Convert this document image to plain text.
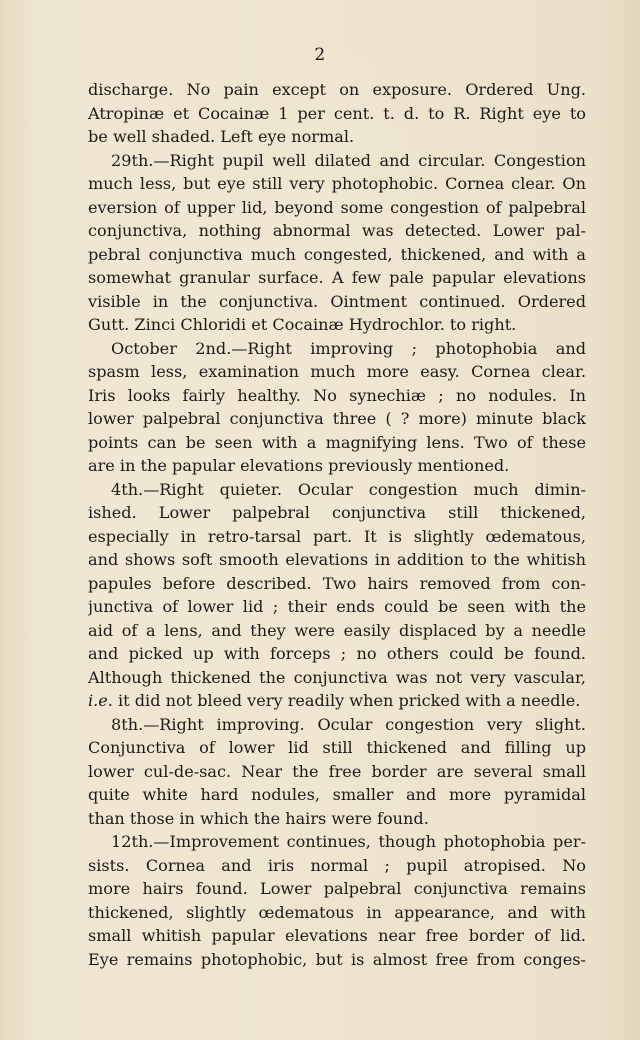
2
discharge. No pain except on exposure. Ordered Ung.
Atropinæ et Cocainæ 1 per cent. t. d. to R. Right eye to
be well shaded. Left eye normal.
29th.—Right pupil well dilated and circular. Congestion
much less, but eye still very photophobic. Cornea clear. On
eversion of upper lid, beyond some congestion of palpebral
conjunctiva, nothing abnormal was detected. Lower pal-
pebral conjunctiva much congested, thickened, and with a
somewhat granular surface. A few pale papular elevations
visible in the conjunctiva. Ointment continued. Ordered
Gutt. Zinci Chloridi et Cocainæ Hydrochlor. to right.
October 2nd.—Right improving ; photophobia and
spasm less, examination much more easy. Cornea clear.
Iris looks fairly healthy. No synechiæ ; no nodules. In
lower palpebral conjunctiva three ( ? more) minute black
points can be seen with a magnifying lens. Two of these
are in the papular elevations previously mentioned.
4th.—Right quieter. Ocular congestion much dimin-
ished. Lower palpebral conjunctiva still thickened,
especially in retro-tarsal part. It is slightly œdematous,
and shows soft smooth elevations in addition to the whitish
papules before described. Two hairs removed from con-
junctiva of lower lid ; their ends could be seen with the
aid of a lens, and they were easily displaced by a needle
and picked up with forceps ; no others could be found.
Although thickened the conjunctiva was not very vascular,
i.e. it did not bleed very readily when pricked with a needle.
8th.—Right improving. Ocular congestion very slight.
Conjunctiva of lower lid still thickened and filling up
lower cul-de-sac. Near the free border are several small
quite white hard nodules, smaller and more pyramidal
than those in which the hairs were found.
12th.—Improvement continues, though photophobia per-
sists. Cornea and iris normal ; pupil atropised. No
more hairs found. Lower palpebral conjunctiva remains
thickened, slightly œdematous in appearance, and with
small whitish papular elevations near free border of lid.
Eye remains photophobic, but is almost free from conges-
